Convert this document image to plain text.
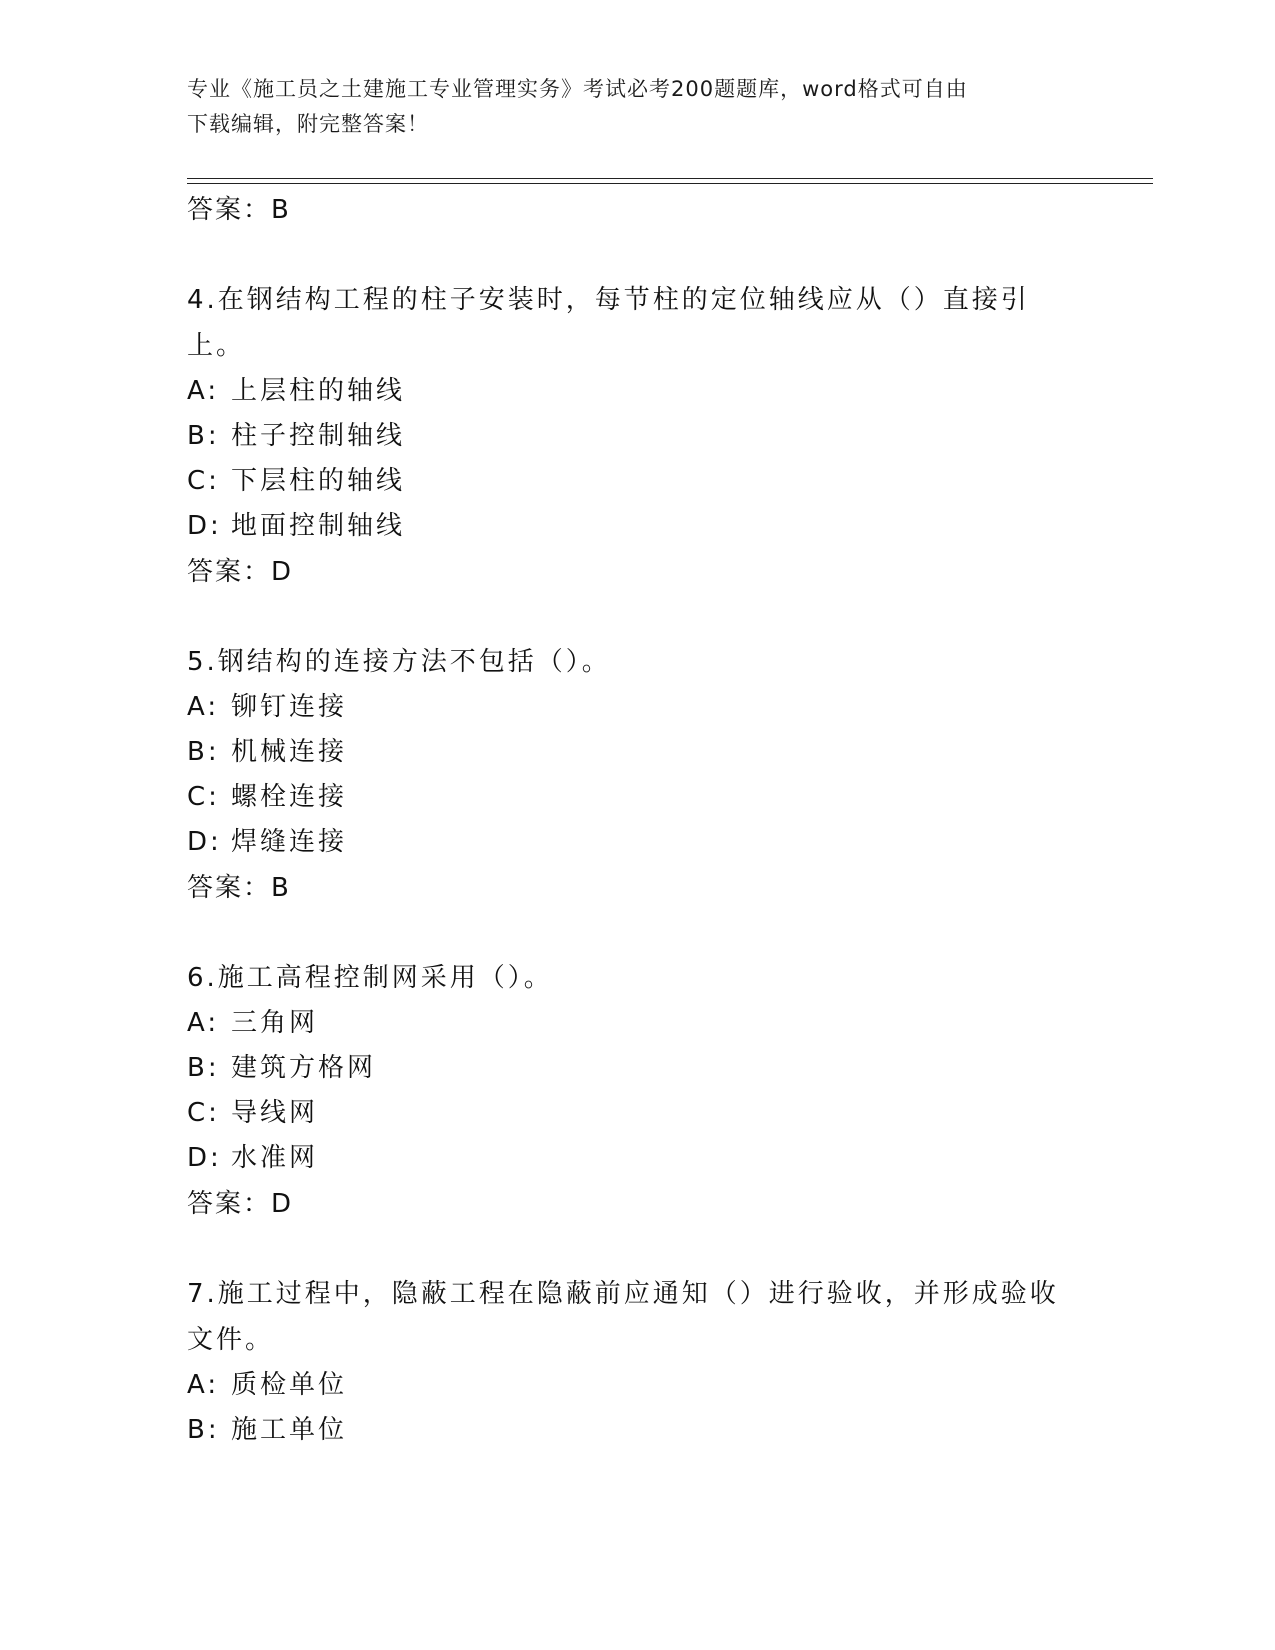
专业《施工员之土建施工专业管理实务》考试必考200题题库，word格式可自由
下载编辑，附完整答案！

答案：B

4.在钢结构工程的柱子安装时，每节柱的定位轴线应从（）直接引上。

A: 上层柱的轴线

B: 柱子控制轴线

C: 下层柱的轴线

D: 地面控制轴线

答案：D

5.钢结构的连接方法不包括（）。

A: 铆钉连接

B: 机械连接

C: 螺栓连接

D: 焊缝连接

答案：B

6.施工高程控制网采用（）。

A: 三角网

B: 建筑方格网

C: 导线网

D: 水准网

答案：D

7.施工过程中，隐蔽工程在隐蔽前应通知（）进行验收，并形成验收文件。

A: 质检单位

B: 施工单位
